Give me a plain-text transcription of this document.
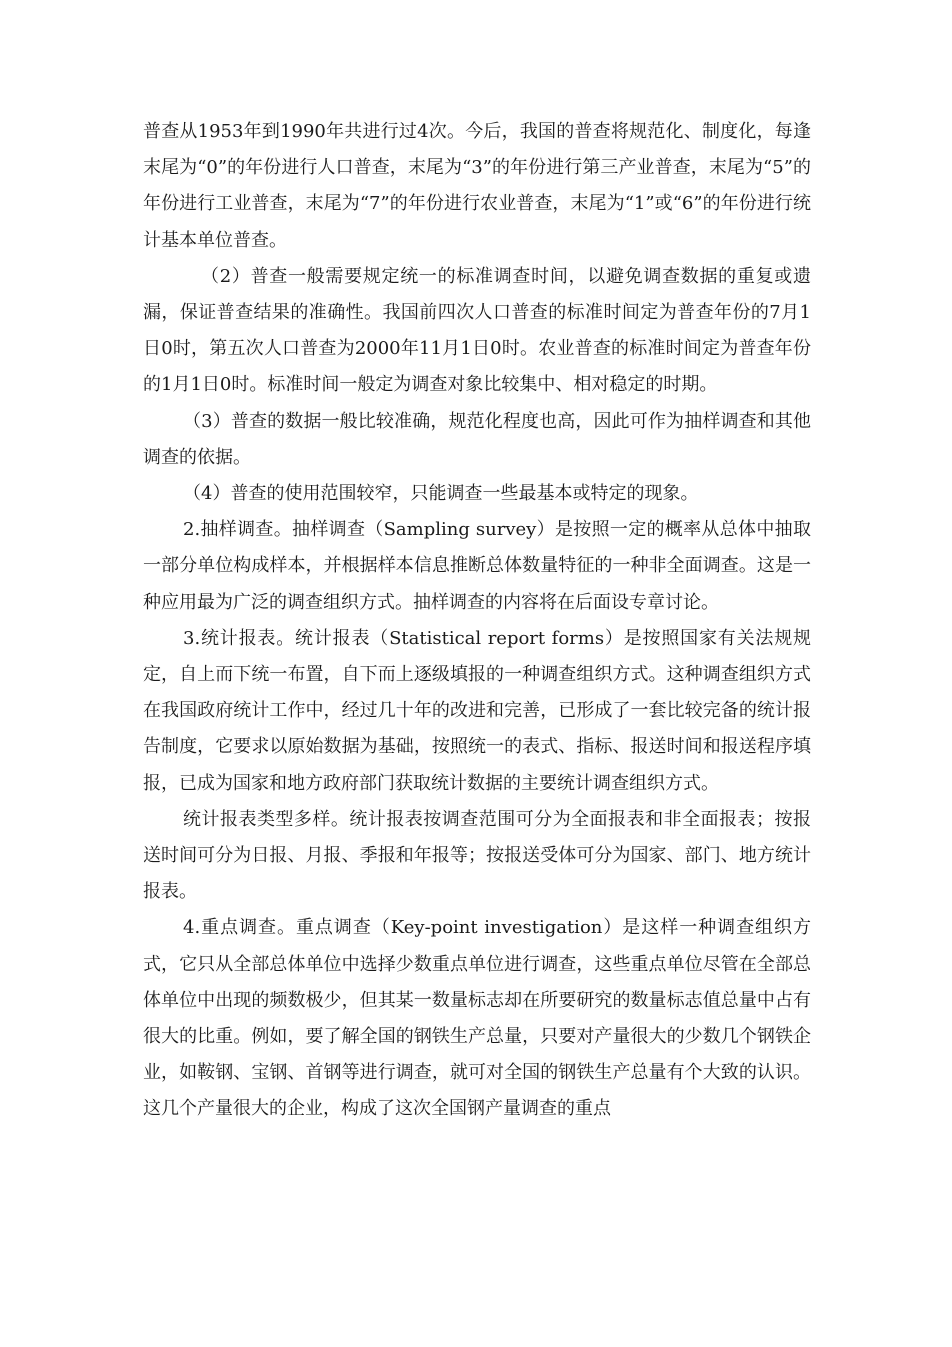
普查从1953年到1990年共进行过4次。今后，我国的普查将规范化、制度化，每逢末尾为“0”的年份进行人口普查，末尾为“3”的年份进行第三产业普查，末尾为“5”的年份进行工业普查，末尾为“7”的年份进行农业普查，末尾为“1”或“6”的年份进行统计基本单位普查。

（2）普查一般需要规定统一的标准调查时间，以避免调查数据的重复或遗漏，保证普查结果的准确性。我国前四次人口普查的标准时间定为普查年份的7月1日0时，第五次人口普查为2000年11月1日0时。农业普查的标准时间定为普查年份的1月1日0时。标准时间一般定为调查对象比较集中、相对稳定的时期。

（3）普查的数据一般比较准确，规范化程度也高，因此可作为抽样调查和其他调查的依据。

（4）普查的使用范围较窄，只能调查一些最基本或特定的现象。

2.抽样调查。抽样调查（Sampling survey）是按照一定的概率从总体中抽取一部分单位构成样本，并根据样本信息推断总体数量特征的一种非全面调查。这是一种应用最为广泛的调查组织方式。抽样调查的内容将在后面设专章讨论。

3.统计报表。统计报表（Statistical report forms）是按照国家有关法规规定，自上而下统一布置，自下而上逐级填报的一种调查组织方式。这种调查组织方式在我国政府统计工作中，经过几十年的改进和完善，已形成了一套比较完备的统计报告制度，它要求以原始数据为基础，按照统一的表式、指标、报送时间和报送程序填报，已成为国家和地方政府部门获取统计数据的主要统计调查组织方式。

统计报表类型多样。统计报表按调查范围可分为全面报表和非全面报表；按报送时间可分为日报、月报、季报和年报等；按报送受体可分为国家、部门、地方统计报表。

4.重点调查。重点调查（Key-point investigation）是这样一种调查组织方式，它只从全部总体单位中选择少数重点单位进行调查，这些重点单位尽管在全部总体单位中出现的频数极少，但其某一数量标志却在所要研究的数量标志值总量中占有很大的比重。例如，要了解全国的钢铁生产总量，只要对产量很大的少数几个钢铁企业，如鞍钢、宝钢、首钢等进行调查，就可对全国的钢铁生产总量有个大致的认识。这几个产量很大的企业，构成了这次全国钢产量调查的重点
